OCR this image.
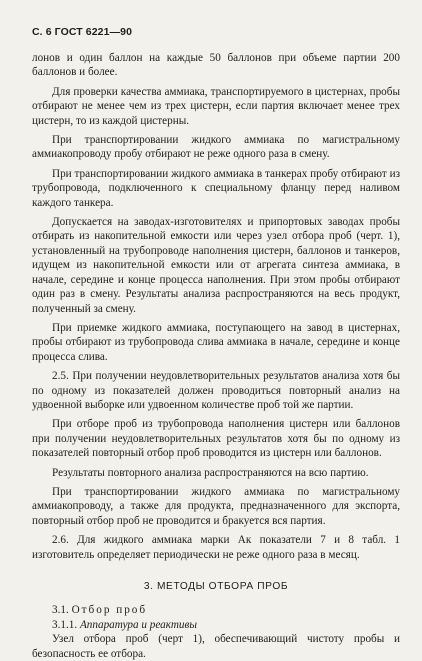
С. 6 ГОСТ 6221—90

лонов и один баллон на каждые 50 баллонов при объеме партии 200 баллонов и более.

Для проверки качества аммиака, транспортируемого в цистернах, пробы отбирают не менее чем из трех цистерн, если партия включает менее трех цистерн, то из каждой цистерны.

При транспортировании жидкого аммиака по магистральному аммиакопроводу пробу отбирают не реже одного раза в смену.

При транспортировании жидкого аммиака в танкерах пробу отбирают из трубопровода, подключенного к специальному фланцу перед наливом каждого танкера.

Допускается на заводах-изготовителях и припортовых заводах пробы отбирать из накопительной емкости или через узел отбора проб (черт. 1), установленный на трубопроводе наполнения цистерн, баллонов и танкеров, идущем из накопительной емкости или от агрегата синтеза аммиака, в начале, середине и конце процесса наполнения. При этом пробы отбирают один раз в смену. Результаты анализа распространяются на весь продукт, полученный за смену.

При приемке жидкого аммиака, поступающего на завод в цистернах, пробы отбирают из трубопровода слива аммиака в начале, середине и конце процесса слива.

2.5. При получении неудовлетворительных результатов анализа хотя бы по одному из показателей должен проводиться повторный анализ на удвоенной выборке или удвоенном количестве проб той же партии.

При отборе проб из трубопровода наполнения цистерн или баллонов при получении неудовлетворительных результатов хотя бы по одному из показателей повторный отбор проб проводится из цистерн или баллонов.

Результаты повторного анализа распространяются на всю партию.

При транспортировании жидкого аммиака по магистральному аммиакопроводу, а также для продукта, предназначенного для экспорта, повторный отбор проб не проводится и бракуется вся партия.

2.6. Для жидкого аммиака марки Ак показатели 7 и 8 табл. 1 изготовитель определяет периодически не реже одного раза в месяц.

3. МЕТОДЫ ОТБОРА ПРОБ

3.1. Отбор проб

3.1.1. Аппаратура и реактивы

Узел отбора проб (черт 1), обеспечивающий чистоту пробы и безопасность ее отбора.
